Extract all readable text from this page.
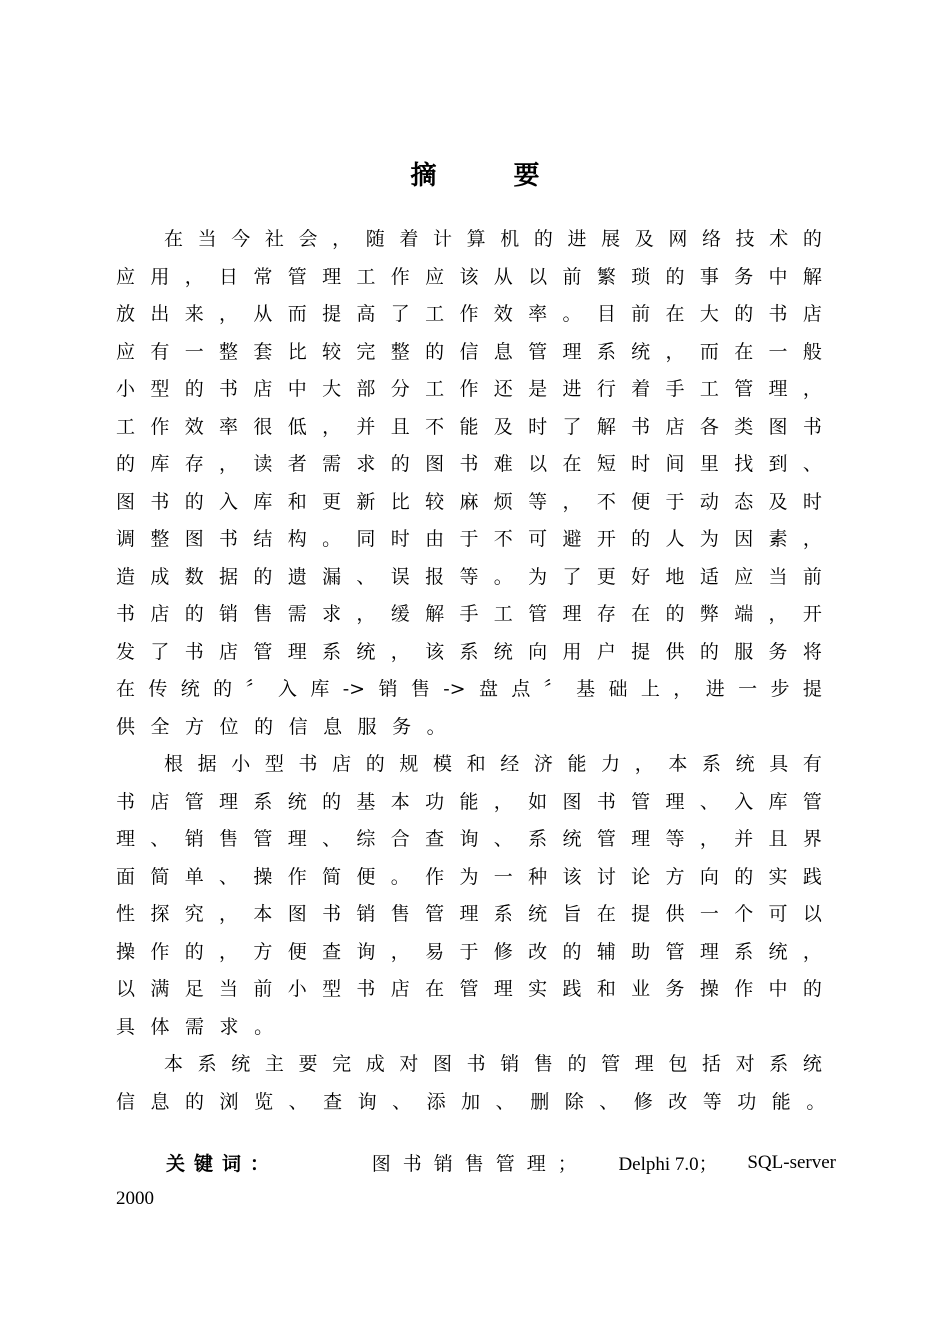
摘 要
在 当 今 社 会 ， 随 着 计 算 机 的 进 展 及 网 络 技 术 的
应 用 ， 日 常 管 理 工 作 应 该 从 以 前 繁 琐 的 事 务 中 解
放 出 来 ， 从 而 提 高 了 工 作 效 率 。 目 前 在 大 的 书 店
应 有 一 整 套 比 较 完 整 的 信 息 管 理 系 统 ， 而 在 一 般
小 型 的 书 店 中 大 部 分 工 作 还 是 进 行 着 手 工 管 理 ，
工 作 效 率 很 低 ， 并 且 不 能 及 时 了 解 书 店 各 类 图 书
的 库 存 ， 读 者 需 求 的 图 书 难 以 在 短 时 间 里 找 到 、
图 书 的 入 库 和 更 新 比 较 麻 烦 等 ， 不 便 于 动 态 及 时
调 整 图 书 结 构 。 同 时 由 于 不 可 避 开 的 人 为 因 素 ，
造 成 数 据 的 遗 漏 、 误 报 等 。 为 了 更 好 地 适 应 当 前
书 店 的 销 售 需 求 ， 缓 解 手 工 管 理 存 在 的 弊 端 ， 开
发 了 书 店 管 理 系 统 ， 该 系 统 向 用 户 提 供 的 服 务 将
在 传 统 的 〞 入 库 -> 销 售 -> 盘 点 〞 基 础 上 ， 进 一 步 提
供 全 方 位 的 信 息 服 务 。
根 据 小 型 书 店 的 规 模 和 经 济 能 力 ， 本 系 统 具 有
书 店 管 理 系 统 的 基 本 功 能 ， 如 图 书 管 理 、 入 库 管
理 、 销 售 管 理 、 综 合 查 询 、 系 统 管 理 等 ， 并 且 界
面 简 单 、 操 作 简 便 。 作 为 一 种 该 讨 论 方 向 的 实 践
性 探 究 ， 本 图 书 销 售 管 理 系 统 旨 在 提 供 一 个 可 以
操 作 的 ， 方 便 查 询 ， 易 于 修 改 的 辅 助 管 理 系 统 ，
以 满 足 当 前 小 型 书 店 在 管 理 实 践 和 业 务 操 作 中 的
具 体 需 求 。
本 系 统 主 要 完 成 对 图 书 销 售 的 管 理 包 括 对 系 统
信 息 的 浏 览 、 查 询 、 添 加 、 删 除 、 修 改 等 功 能 。
关键词：	图书销售管理； Delphi 7.0； SQL-server
2000
